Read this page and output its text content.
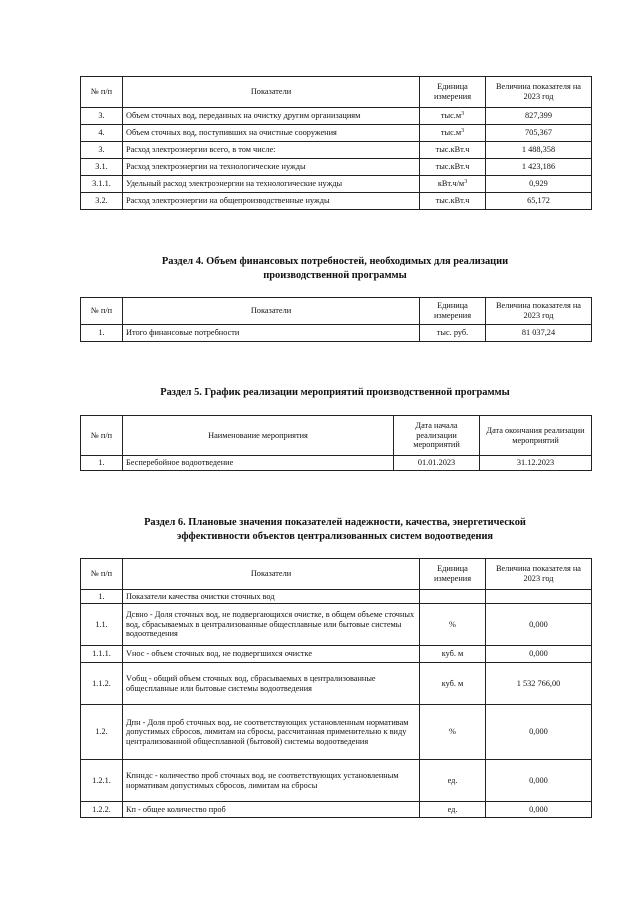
№ п/п	Показатели	Единица измерения	Величина показателя на 2023 год
3.	Объем сточных вод, переданных на очистку другим организациям	$тыс.м^3$	827,399
4.	Объем сточных вод, поступивших на очистные сооружения	$тыс.м^3$	705,367
3.	Расход электроэнергии всего, в том числе:	тыс.кВт.ч	1 488,358
3.1.	Расход электроэнергии на технологические нужды	тыс.кВт.ч	1 423,186
3.1.1.	Удельный расход электроэнергии на технологические нужды	$кВт.ч/м^3$	0,929
3.2.	Расход электроэнергии на общепроизводственные нужды	тыс.кВт.ч	65,172
Раздел 4. Объем финансовых потребностей, необходимых для реализации производственной программы
№ п/п	Показатели	Единица измерения	Величина показателя на 2023 год
1.	Итого финансовые потребности	тыс. руб.	81 037,24
Раздел 5. График реализации мероприятий производственной программы
№ п/п	Наименование мероприятия	Дата начала реализации мероприятий	Дата окончания реализации мероприятий
1.	Бесперебойное водоотведение	01.01.2023	31.12.2023
Раздел 6. Плановые значения показателей надежности, качества, энергетической эффективности объектов централизованных систем водоотведения
№ п/п	Показатели	Единица измерения	Величина показателя на 2023 год
1.	Показатели качества очистки сточных вод		
1.1.	Дсвно - Доля сточных вод, не подвергающихся очистке, в общем объеме сточных вод, сбрасываемых в централизованные общесплавные или бытовые системы водоотведения	%	0,000
1.1.1.	Vнос - объем сточных вод, не подвергшихся очистке	куб. м	0,000
1.1.2.	Vобщ - общий объем сточных вод, сбрасываемых в централизованные общесплавные или бытовые системы водоотведения	куб. м	1 532 766,00
1.2.	Дпн - Доля проб сточных вод, не соответствующих установленным нормативам допустимых сбросов, лимитам на сбросы, рассчитанная применительно к виду централизованной общесплавной (бытовой) системы водоотведения	%	0,000
1.2.1.	Кпнндс - количество проб сточных вод, не соответствующих установленным нормативам допустимых сбросов, лимитам на сбросы	ед.	0,000
1.2.2.	Кп - общее количество проб	ед.	0,000
